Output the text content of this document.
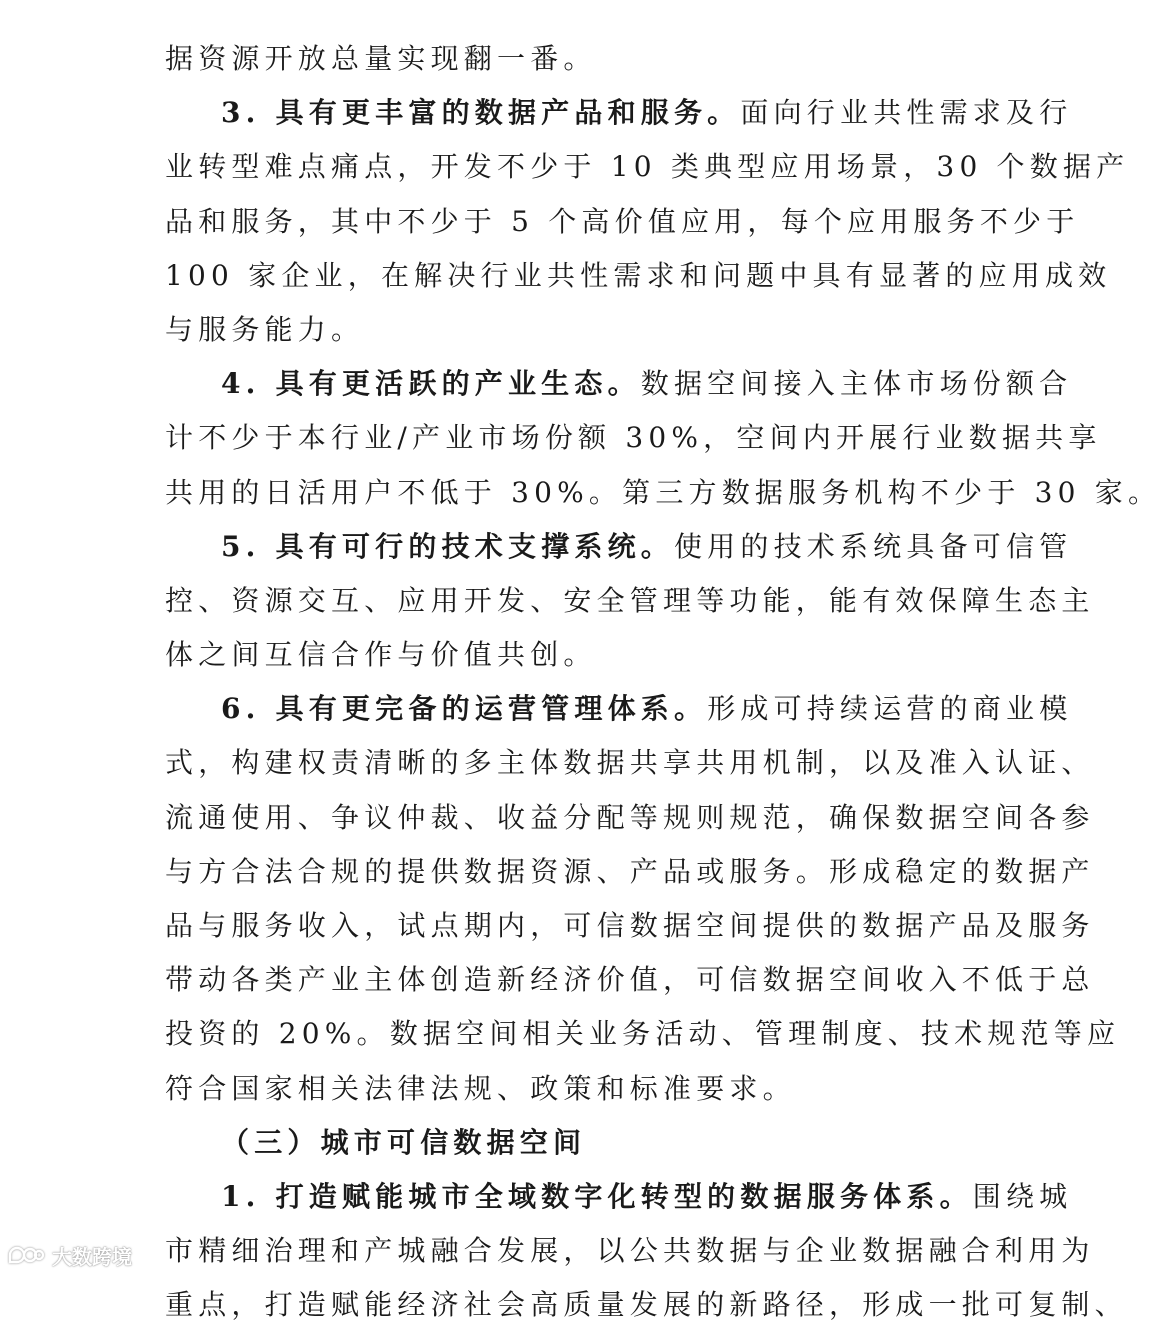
据资源开放总量实现翻一番。
3. 具有更丰富的数据产品和服务。面向行业共性需求及行
业转型难点痛点，开发不少于 10 类典型应用场景，30 个数据产
品和服务，其中不少于 5 个高价值应用，每个应用服务不少于
100 家企业，在解决行业共性需求和问题中具有显著的应用成效
与服务能力。
4. 具有更活跃的产业生态。数据空间接入主体市场份额合
计不少于本行业/产业市场份额 30%，空间内开展行业数据共享
共用的日活用户不低于 30%。第三方数据服务机构不少于 30 家。
5. 具有可行的技术支撑系统。使用的技术系统具备可信管
控、资源交互、应用开发、安全管理等功能，能有效保障生态主
体之间互信合作与价值共创。
6. 具有更完备的运营管理体系。形成可持续运营的商业模
式，构建权责清晰的多主体数据共享共用机制，以及准入认证、
流通使用、争议仲裁、收益分配等规则规范，确保数据空间各参
与方合法合规的提供数据资源、产品或服务。形成稳定的数据产
品与服务收入，试点期内，可信数据空间提供的数据产品及服务
带动各类产业主体创造新经济价值，可信数据空间收入不低于总
投资的 20%。数据空间相关业务活动、管理制度、技术规范等应
符合国家相关法律法规、政策和标准要求。
（三）城市可信数据空间
1. 打造赋能城市全域数字化转型的数据服务体系。围绕城
市精细治理和产城融合发展，以公共数据与企业数据融合利用为
重点，打造赋能经济社会高质量发展的新路径，形成一批可复制、
大数跨境
